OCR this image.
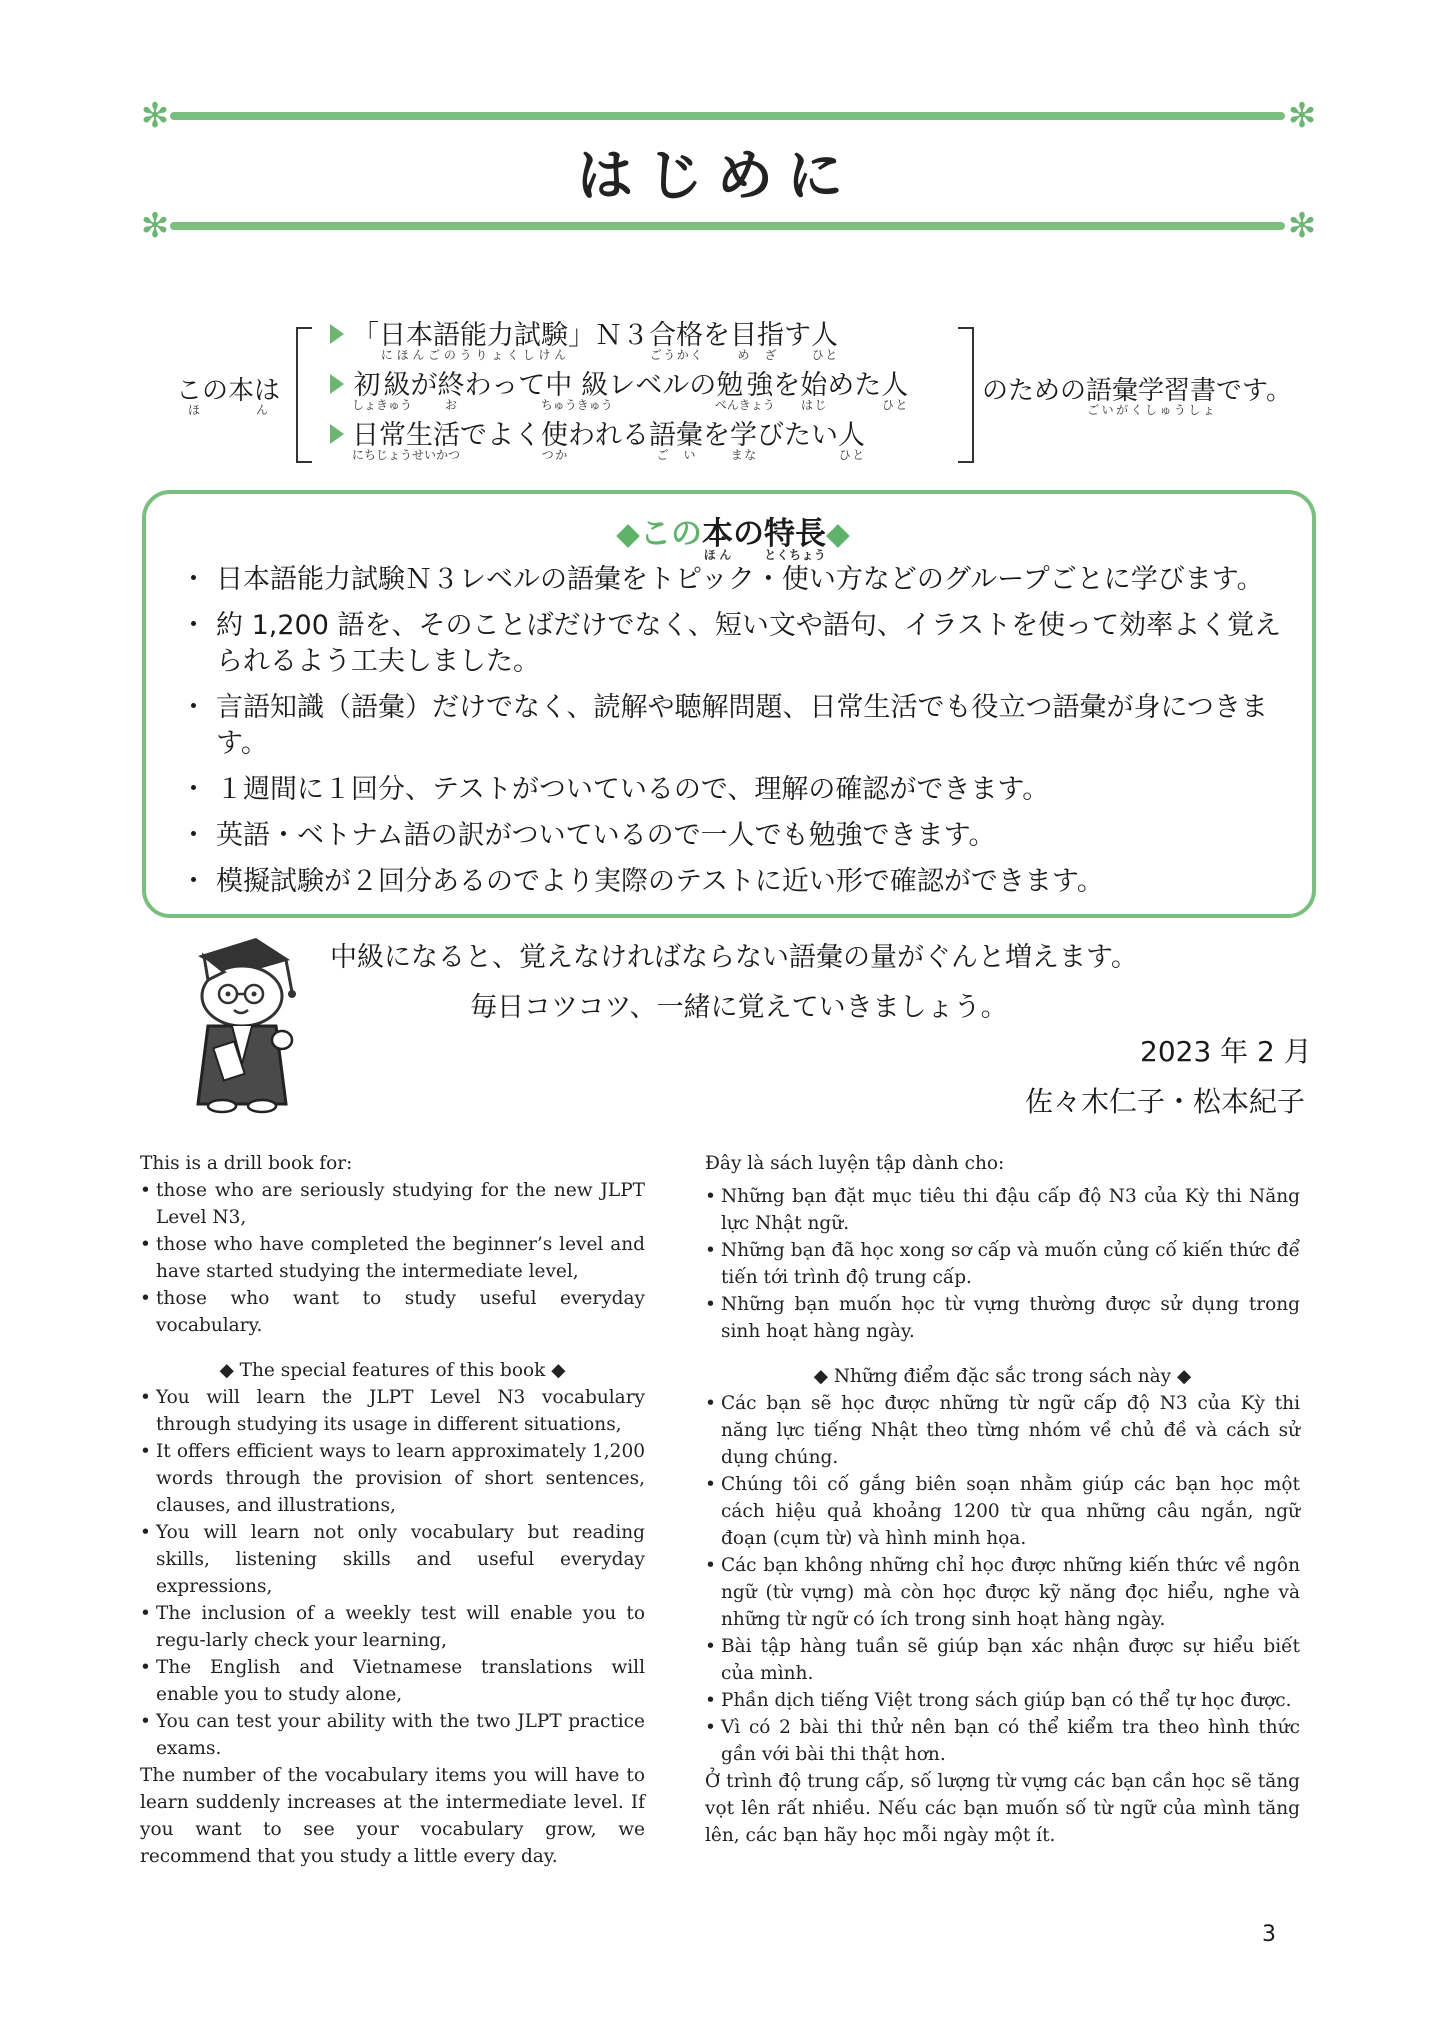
✻	✻
はじめに
✻	✻
この本はほん
「日本語能力試験にほんごのうりょくしけん」Ｎ３合格ごうかくを目指めざす人ひと
初級しょきゅうが終おわって中級ちゅうきゅうレベルの勉強べんきょうを始はじめた人ひと
日常生活にちじょうせいかつでよく使つかわれる語彙ごいを学まなびたい人ひと
のための語彙学習書ごいがくしゅうしょです。
◆この本ほんの特長とくちょう◆
・ 日本語能力試験Ｎ３レベルの語彙をトピック・使い方などのグループごとに学びます。
・ 約 1,200 語を、そのことばだけでなく、短い文や語句、イラストを使って効率よく覚えられるよう工夫しました。
・ 言語知識（語彙）だけでなく、読解や聴解問題、日常生活でも役立つ語彙が身につきます。
・ １週間に１回分、テストがついているので、理解の確認ができます。
・ 英語・ベトナム語の訳がついているので一人でも勉強できます。
・ 模擬試験が２回分あるのでより実際のテストに近い形で確認ができます。
中級になると、覚えなければならない語彙の量がぐんと増えます。
毎日コツコツ、一緒に覚えていきましょう。
2023 年 2 月
佐々木仁子・松本紀子

This is a drill book for:

• those who are seriously studying for the new JLPT Level N3,
• those who have completed the beginner’s level and have started studying the intermediate level,
• those who want to study useful everyday vocabulary.

◆ The special features of this book ◆

• You will learn the JLPT Level N3 vocabulary through studying its usage in different situations,
• It offers efficient ways to learn approximately 1,200 words through the provision of short sentences, clauses, and illustrations,
• You will learn not only vocabulary but reading skills, listening skills and useful everyday expressions,
• The inclusion of a weekly test will enable you to regu-larly check your learning,
• The English and Vietnamese translations will enable you to study alone,
• You can test your ability with the two JLPT practice exams.

The number of the vocabulary items you will have to learn suddenly increases at the intermediate level. If you want to see your vocabulary grow, we recommend that you study a little every day.

Đây là sách luyện tập dành cho:

• Những bạn đặt mục tiêu thi đậu cấp độ N3 của Kỳ thi Năng lực Nhật ngữ.
• Những bạn đã học xong sơ cấp và muốn củng cố kiến thức để tiến tới trình độ trung cấp.
• Những bạn muốn học từ vựng thường được sử dụng trong sinh hoạt hàng ngày.

◆ Những điểm đặc sắc trong sách này ◆

• Các bạn sẽ học được những từ ngữ cấp độ N3 của Kỳ thi năng lực tiếng Nhật theo từng nhóm về chủ đề và cách sử dụng chúng.
• Chúng tôi cố gắng biên soạn nhằm giúp các bạn học một cách hiệu quả khoảng 1200 từ qua những câu ngắn, ngữ đoạn (cụm từ) và hình minh họa.
• Các bạn không những chỉ học được những kiến thức về ngôn ngữ (từ vựng) mà còn học được kỹ năng đọc hiểu, nghe và những từ ngữ có ích trong sinh hoạt hàng ngày.
• Bài tập hàng tuần sẽ giúp bạn xác nhận được sự hiểu biết của mình.
• Phần dịch tiếng Việt trong sách giúp bạn có thể tự học được.
• Vì có 2 bài thi thử nên bạn có thể kiểm tra theo hình thức gần với bài thi thật hơn.

Ở trình độ trung cấp, số lượng từ vựng các bạn cần học sẽ tăng vọt lên rất nhiều. Nếu các bạn muốn số từ ngữ của mình tăng lên, các bạn hãy học mỗi ngày một ít.

3
